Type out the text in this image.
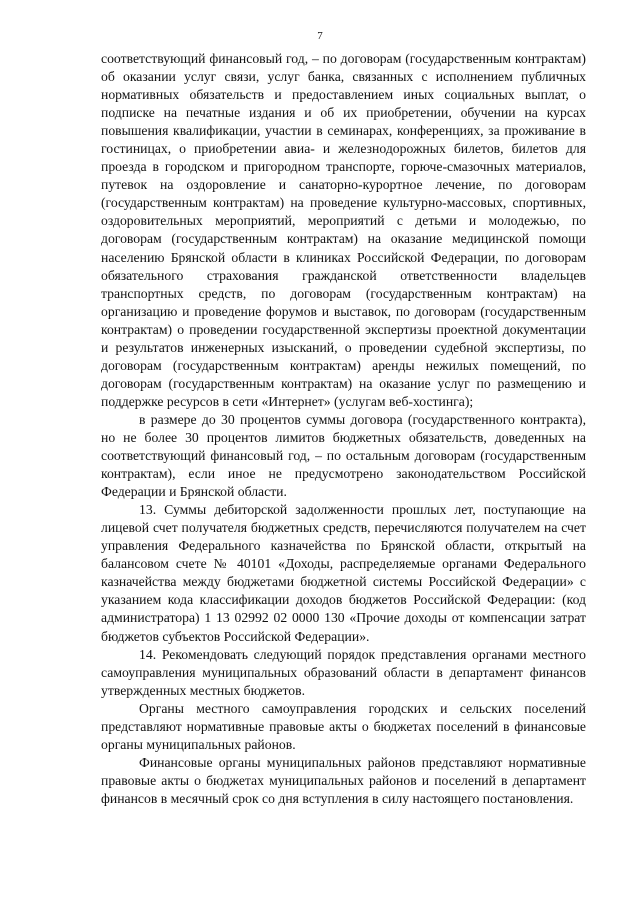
7

соответствующий финансовый год, – по договорам (государственным контрактам) об оказании услуг связи, услуг банка, связанных с исполнением публичных нормативных обязательств и предоставлением иных социальных выплат, о подписке на печатные издания и об их приобретении, обучении на курсах повышения квалификации, участии в семинарах, конференциях, за проживание в гостиницах, о приобретении авиа- и железнодорожных билетов, билетов для проезда в городском и пригородном транспорте, горюче-смазочных материалов, путевок на оздоровление и санаторно-курортное лечение, по договорам (государственным контрактам) на проведение культурно-массовых, спортивных, оздоровительных мероприятий, мероприятий с детьми и молодежью, по договорам (государственным контрактам) на оказание медицинской помощи населению Брянской области в клиниках Российской Федерации, по договорам обязательного страхования гражданской ответственности владельцев транспортных средств, по договорам (государственным контрактам) на организацию и проведение форумов и выставок, по договорам (государственным контрактам) о проведении государственной экспертизы проектной документации и результатов инженерных изысканий, о проведении судебной экспертизы, по договорам (государственным контрактам) аренды нежилых помещений, по договорам (государственным контрактам) на оказание услуг по размещению и поддержке ресурсов в сети «Интернет» (услугам веб-хостинга);

в размере до 30 процентов суммы договора (государственного контракта), но не более 30 процентов лимитов бюджетных обязательств, доведенных на соответствующий финансовый год, – по остальным договорам (государственным контрактам), если иное не предусмотрено законодательством Российской Федерации и Брянской области.

13. Суммы дебиторской задолженности прошлых лет, поступающие на лицевой счет получателя бюджетных средств, перечисляются получателем на счет управления Федерального казначейства по Брянской области, открытый на балансовом счете № 40101 «Доходы, распределяемые органами Федерального казначейства между бюджетами бюджетной системы Российской Федерации» с указанием кода классификации доходов бюджетов Российской Федерации: (код администратора) 1 13 02992 02 0000 130 «Прочие доходы от компенсации затрат бюджетов субъектов Российской Федерации».

14. Рекомендовать следующий порядок представления органами местного самоуправления муниципальных образований области в департамент финансов утвержденных местных бюджетов.

Органы местного самоуправления городских и сельских поселений представляют нормативные правовые акты о бюджетах поселений в финансовые органы муниципальных районов.

Финансовые органы муниципальных районов представляют нормативные правовые акты о бюджетах муниципальных районов и поселений в департамент финансов в месячный срок со дня вступления в силу настоящего постановления.
